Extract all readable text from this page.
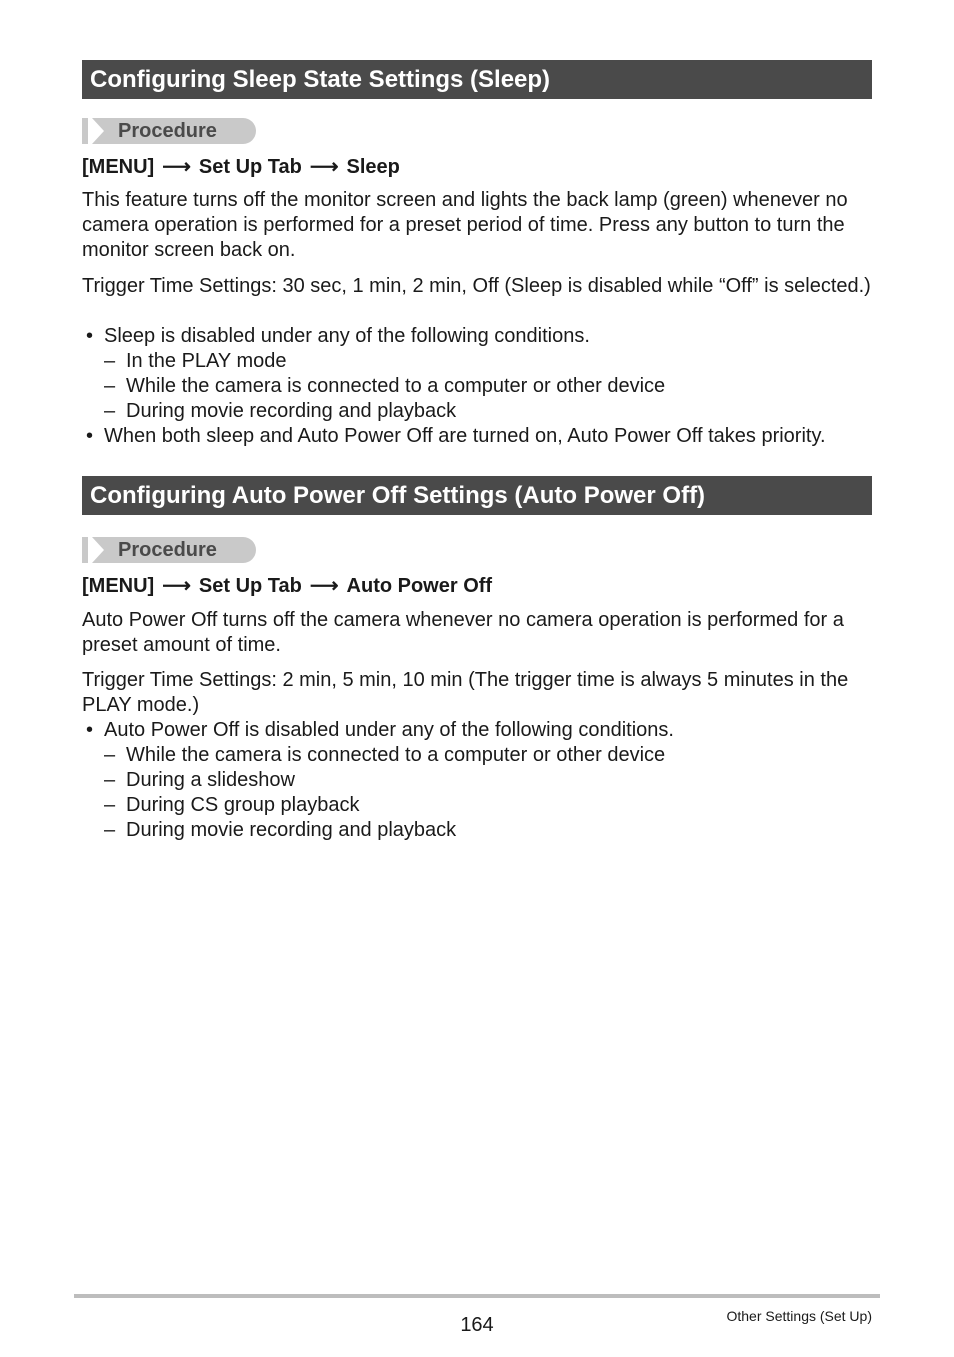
Configuring Sleep State Settings (Sleep)
Procedure
[MENU] ⟶ Set Up Tab ⟶ Sleep
This feature turns off the monitor screen and lights the back lamp (green) whenever no camera operation is performed for a preset period of time. Press any button to turn the monitor screen back on.
Trigger Time Settings: 30 sec, 1 min, 2 min, Off (Sleep is disabled while “Off” is selected.)
• Sleep is disabled under any of the following conditions.
– In the PLAY mode
– While the camera is connected to a computer or other device
– During movie recording and playback
• When both sleep and Auto Power Off are turned on, Auto Power Off takes priority.
Configuring Auto Power Off Settings (Auto Power Off)
Procedure
[MENU] ⟶ Set Up Tab ⟶ Auto Power Off
Auto Power Off turns off the camera whenever no camera operation is performed for a preset amount of time.
Trigger Time Settings: 2 min, 5 min, 10 min (The trigger time is always 5 minutes in the PLAY mode.)
• Auto Power Off is disabled under any of the following conditions.
– While the camera is connected to a computer or other device
– During a slideshow
– During CS group playback
– During movie recording and playback
164	Other Settings (Set Up)
